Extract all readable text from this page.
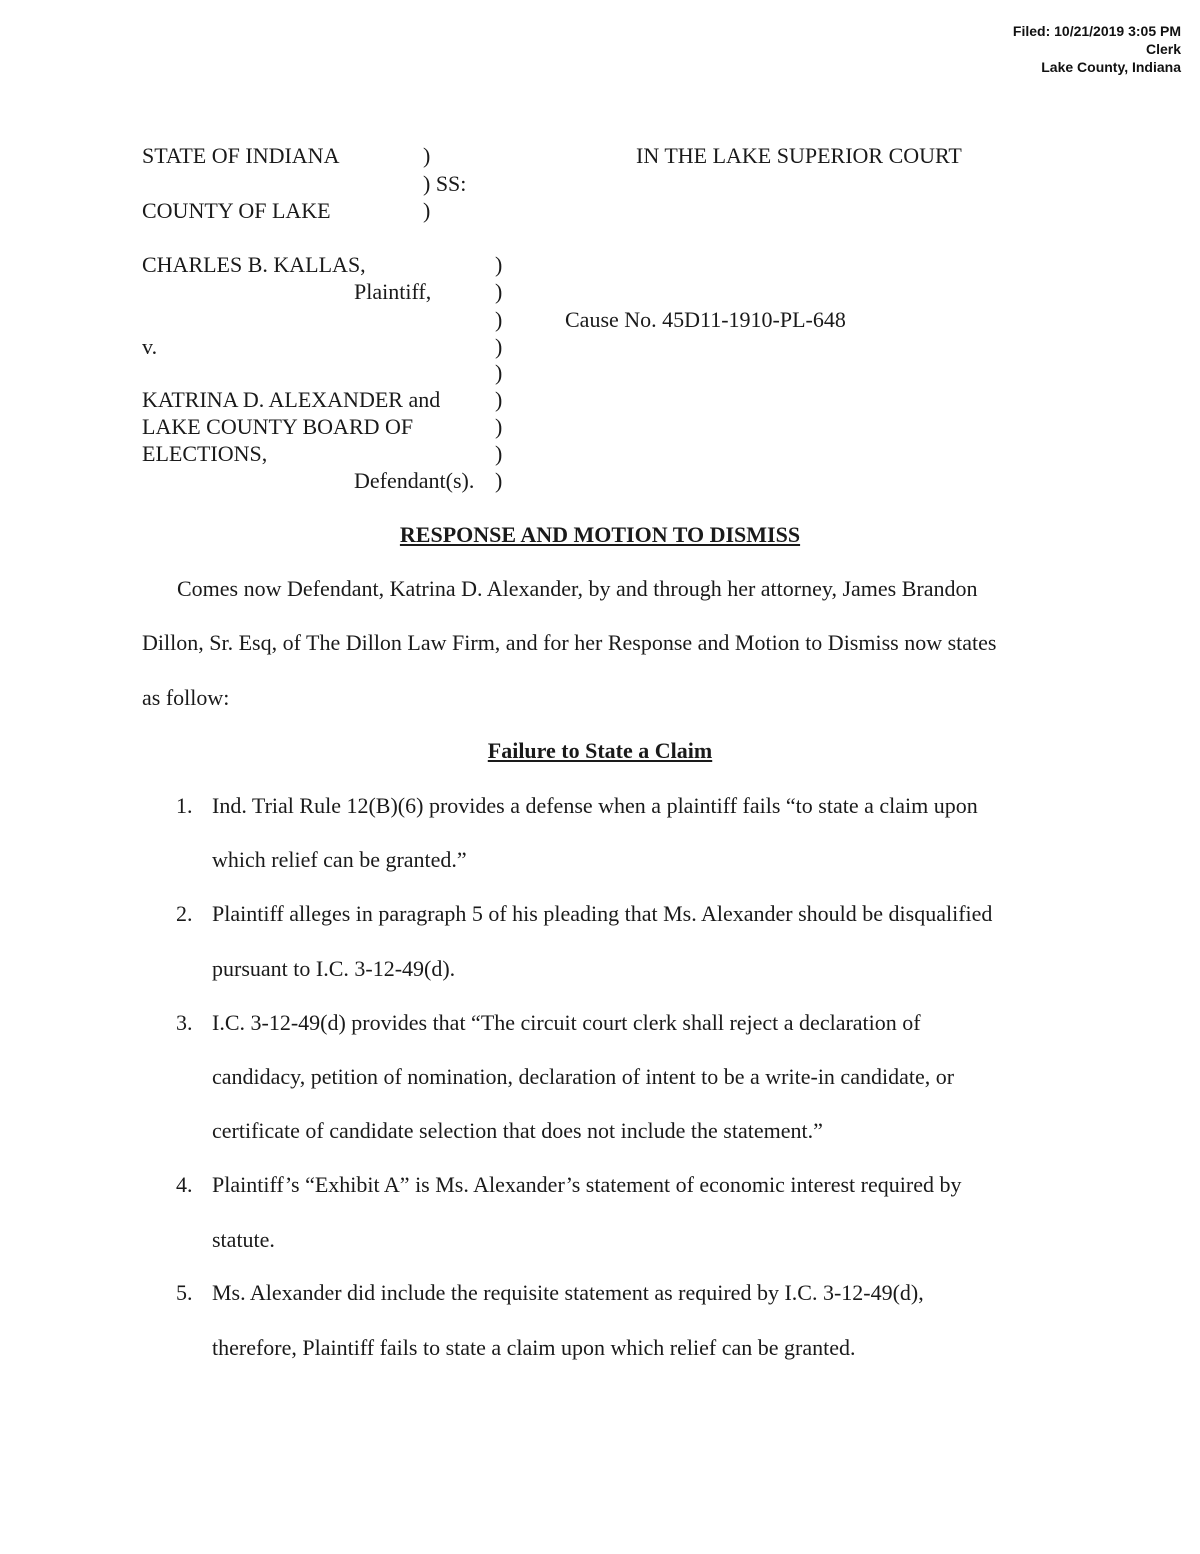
Filed: 10/21/2019 3:05 PM
Clerk
Lake County, Indiana
STATE OF INDIANA	)
) SS:
COUNTY OF LAKE	)
IN THE LAKE SUPERIOR COURT
CHARLES B. KALLAS,
Plaintiff,
v.
KATRINA D. ALEXANDER and
LAKE COUNTY BOARD OF
ELECTIONS,
Defendant(s).
)
)
)
)
)
)
)
)
)
Cause No. 45D11-1910-PL-648
RESPONSE AND MOTION TO DISMISS
Comes now Defendant, Katrina D. Alexander, by and through her attorney, James Brandon
Dillon, Sr. Esq, of The Dillon Law Firm, and for her Response and Motion to Dismiss now states
as follow:
Failure to State a Claim
1. Ind. Trial Rule 12(B)(6) provides a defense when a plaintiff fails “to state a claim upon
which relief can be granted.”
2. Plaintiff alleges in paragraph 5 of his pleading that Ms. Alexander should be disqualified
pursuant to I.C. 3-12-49(d).
3. I.C. 3-12-49(d) provides that “The circuit court clerk shall reject a declaration of
candidacy, petition of nomination, declaration of intent to be a write-in candidate, or
certificate of candidate selection that does not include the statement.”
4. Plaintiff’s “Exhibit A” is Ms. Alexander’s statement of economic interest required by
statute.
5. Ms. Alexander did include the requisite statement as required by I.C. 3-12-49(d),
therefore, Plaintiff fails to state a claim upon which relief can be granted.
